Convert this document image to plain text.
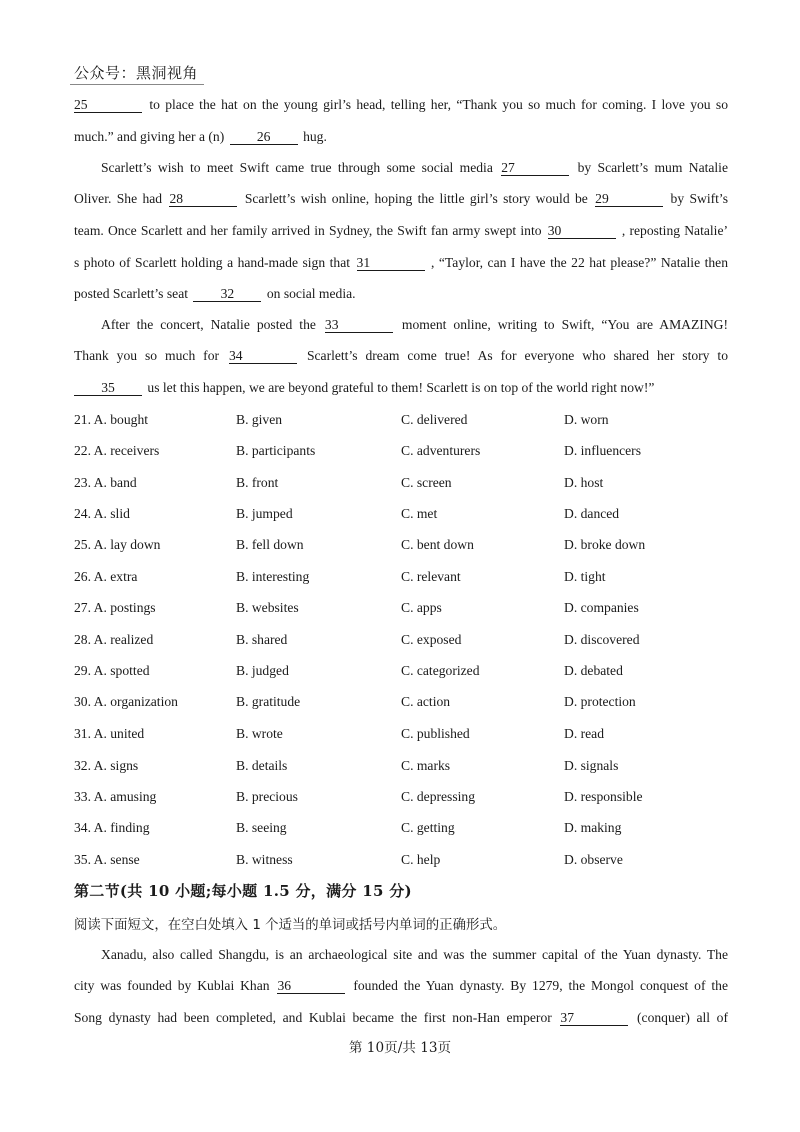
公众号：黑洞视角
25	to place the hat on the young girl’s head, telling her, “Thank you so much for coming. I love you so
much.” and giving her a (n) 26 hug.
Scarlett’s wish to meet Swift came true through some social media 27	by Scarlett’s mum Natalie
Oliver. She had 28	Scarlett’s wish online, hoping the little girl’s story would be 29	by Swift’s
team. Once Scarlett and her family arrived in Sydney, the Swift fan army swept into 30	, reposting Natalie’
s photo of Scarlett holding a hand-made sign that 31	, “Taylor, can I have the 22 hat please?” Natalie then
posted Scarlett’s seat 32 on social media.
After the concert, Natalie posted the 33	moment online, writing to Swift, “You are AMAZING!
Thank you so much for 34	Scarlett’s dream come true! As for everyone who shared her story to
35 us let this happen, we are beyond grateful to them! Scarlett is on top of the world right now!”
21. A. bought	B. given	C. delivered	D. worn
22. A. receivers	B. participants	C. adventurers	D. influencers
23. A. band	B. front	C. screen	D. host
24. A. slid	B. jumped	C. met	D. danced
25. A. lay down	B. fell down	C. bent down	D. broke down
26. A. extra	B. interesting	C. relevant	D. tight
27. A. postings	B. websites	C. apps	D. companies
28. A. realized	B. shared	C. exposed	D. discovered
29. A. spotted	B. judged	C. categorized	D. debated
30. A. organization	B. gratitude	C. action	D. protection
31. A. united	B. wrote	C. published	D. read
32. A. signs	B. details	C. marks	D. signals
33. A. amusing	B. precious	C. depressing	D. responsible
34. A. finding	B. seeing	C. getting	D. making
35. A. sense	B. witness	C. help	D. observe
第二节(共 10 小题;每小题 1.5 分，满分 15 分)
阅读下面短文，在空白处填入 1 个适当的单词或括号内单词的正确形式。
Xanadu, also called Shangdu, is an archaeological site and was the summer capital of the Yuan dynasty. The
city was founded by Kublai Khan 36	founded the Yuan dynasty. By 1279, the Mongol conquest of the
Song dynasty had been completed, and Kublai became the first non-Han emperor 37	(conquer) all of
第 10页/共 13页
